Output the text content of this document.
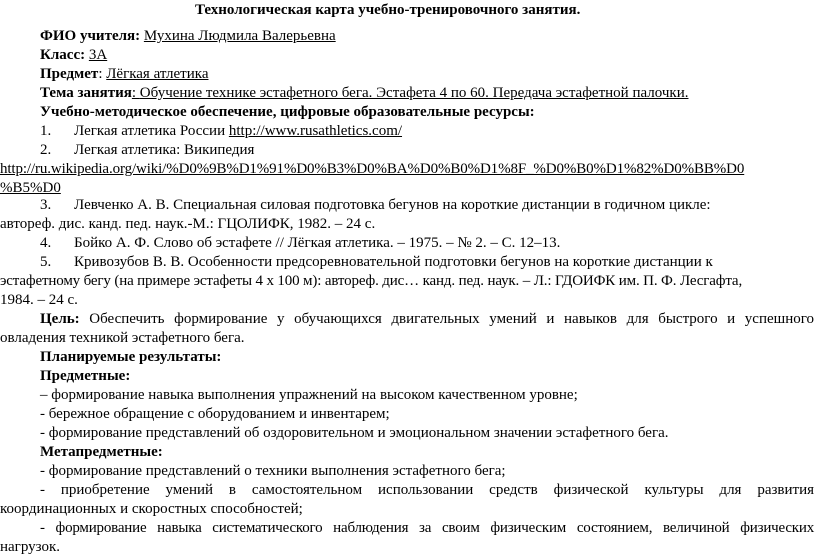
Технологическая карта учебно-тренировочного занятия.
ФИО учителя: Мухина Людмила Валерьевна
Класс: 3А
Предмет: Лёгкая атлетика
Тема занятия: Обучение технике эстафетного бега. Эстафета 4 по 60. Передача эстафетной палочки.
Учебно-методическое обеспечение, цифровые образовательные ресурсы:
1. Легкая атлетика России http://www.rusathletics.com/
2. Легкая атлетика: Википедия
http://ru.wikipedia.org/wiki/%D0%9B%D1%91%D0%B3%D0%BA%D0%B0%D1%8F_%D0%B0%D1%82%D0%BB%D0
%B5%D0
3. Левченко А. В. Специальная силовая подготовка бегунов на короткие дистанции в годичном цикле:
автореф. дис. канд. пед. наук.-М.: ГЦОЛИФК, 1982. – 24 с.
4. Бойко А. Ф. Слово об эстафете // Лёгкая атлетика. – 1975. – № 2. – С. 12–13.
5. Кривозубов В. В. Особенности предсоревновательной подготовки бегунов на короткие дистанции к
эстафетному бегу (на примере эстафеты 4 х 100 м): автореф. дис… канд. пед. наук. – Л.: ГДОИФК им. П. Ф. Лесгафта,
1984. – 24 с.
Цель: Обеспечить формирование у обучающихся двигательных умений и навыков для быстрого и успешного
овладения техникой эстафетного бега.
Планируемые результаты:
Предметные:
– формирование навыка выполнения упражнений на высоком качественном уровне;
- бережное обращение с оборудованием и инвентарем;
- формирование представлений об оздоровительном и эмоциональном значении эстафетного бега.
Метапредметные:
- формирование представлений о техники выполнения эстафетного бега;
- приобретение умений в самостоятельном использовании средств физической культуры для развития
координационных и скоростных способностей;
- формирование навыка систематического наблюдения за своим физическим состоянием, величиной физических
нагрузок.
